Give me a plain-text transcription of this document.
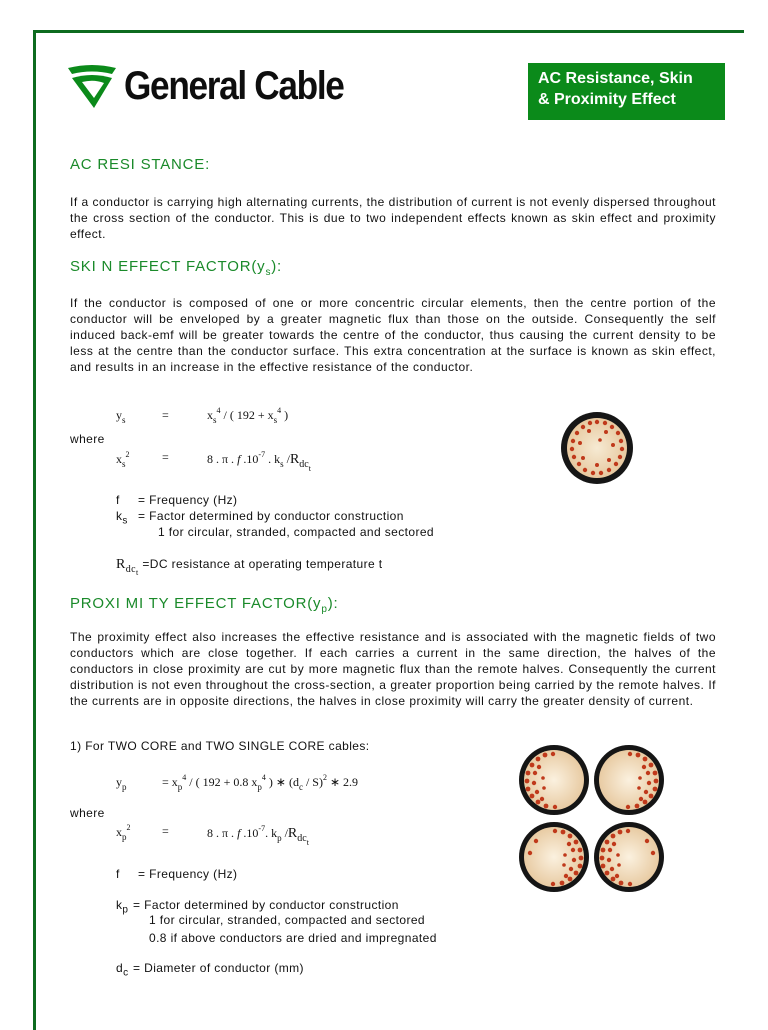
General Cable	AC Resistance, Skin
& Proximity Effect
AC RESI STANCE:
If a conductor is carrying high alternating currents, the distribution of current is not evenly dispersed throughout the cross section of the conductor. This is due to two independent effects known as skin effect and proximity effect.
SKI N EFFECT $FACTOR(y_s)$:
If the conductor is composed of one or more concentric circular elements, then the centre portion of the conductor will be enveloped by a greater magnetic flux than those on the outside. Consequently the self induced back-emf will be greater towards the centre of the conductor, thus causing the current density to be less at the centre than the conductor surface. This extra concentration at the surface is known as skin effect, and results in an increase in the effective resistance of the conductor.
$y_s$	=	$x_s^4$ / ( $192 + x_s^4$ )
where
$x_s^2$	=	8 . π . f $.10^{-7}$ . $k_s$ $/R_{dc_t}$
f = Frequency (Hz)
$k_s$ = Factor determined by conductor construction
1 for circular, stranded, compacted and sectored
$R_{dc_t} =DC$ resistance at operating temperature t
PROXI MI TY EFFECT $FACTOR(y_p)$:
The proximity effect also increases the effective resistance and is associated with the magnetic fields of two conductors which are close together. If each carries a current in the same direction, the halves of the conductors in close proximity are cut by more magnetic flux than the remote halves. Consequently the current distribution is not even throughout the cross-section, a greater proportion being carried by the remote halves. If the currents are in opposite directions, the halves in close proximity will carry the greater density of current.
1) For TWO CORE and TWO SINGLE CORE cables:
$y_p$	= $x_p^4$ / ( 192 + 0.8 $x_p^4$ ) ∗ $(d_c / S)^2$ ∗ 2.9
where
$x_p^2$	=	8 . π . f $.10^{-7}$. $k_p$ $/R_{dc_t}$
f = Frequency (Hz)
$k_p$ = Factor determined by conductor construction
1 for circular, stranded, compacted and sectored
0.8 if above conductors are dried and impregnated
$d_c$ = Diameter of conductor (mm)
